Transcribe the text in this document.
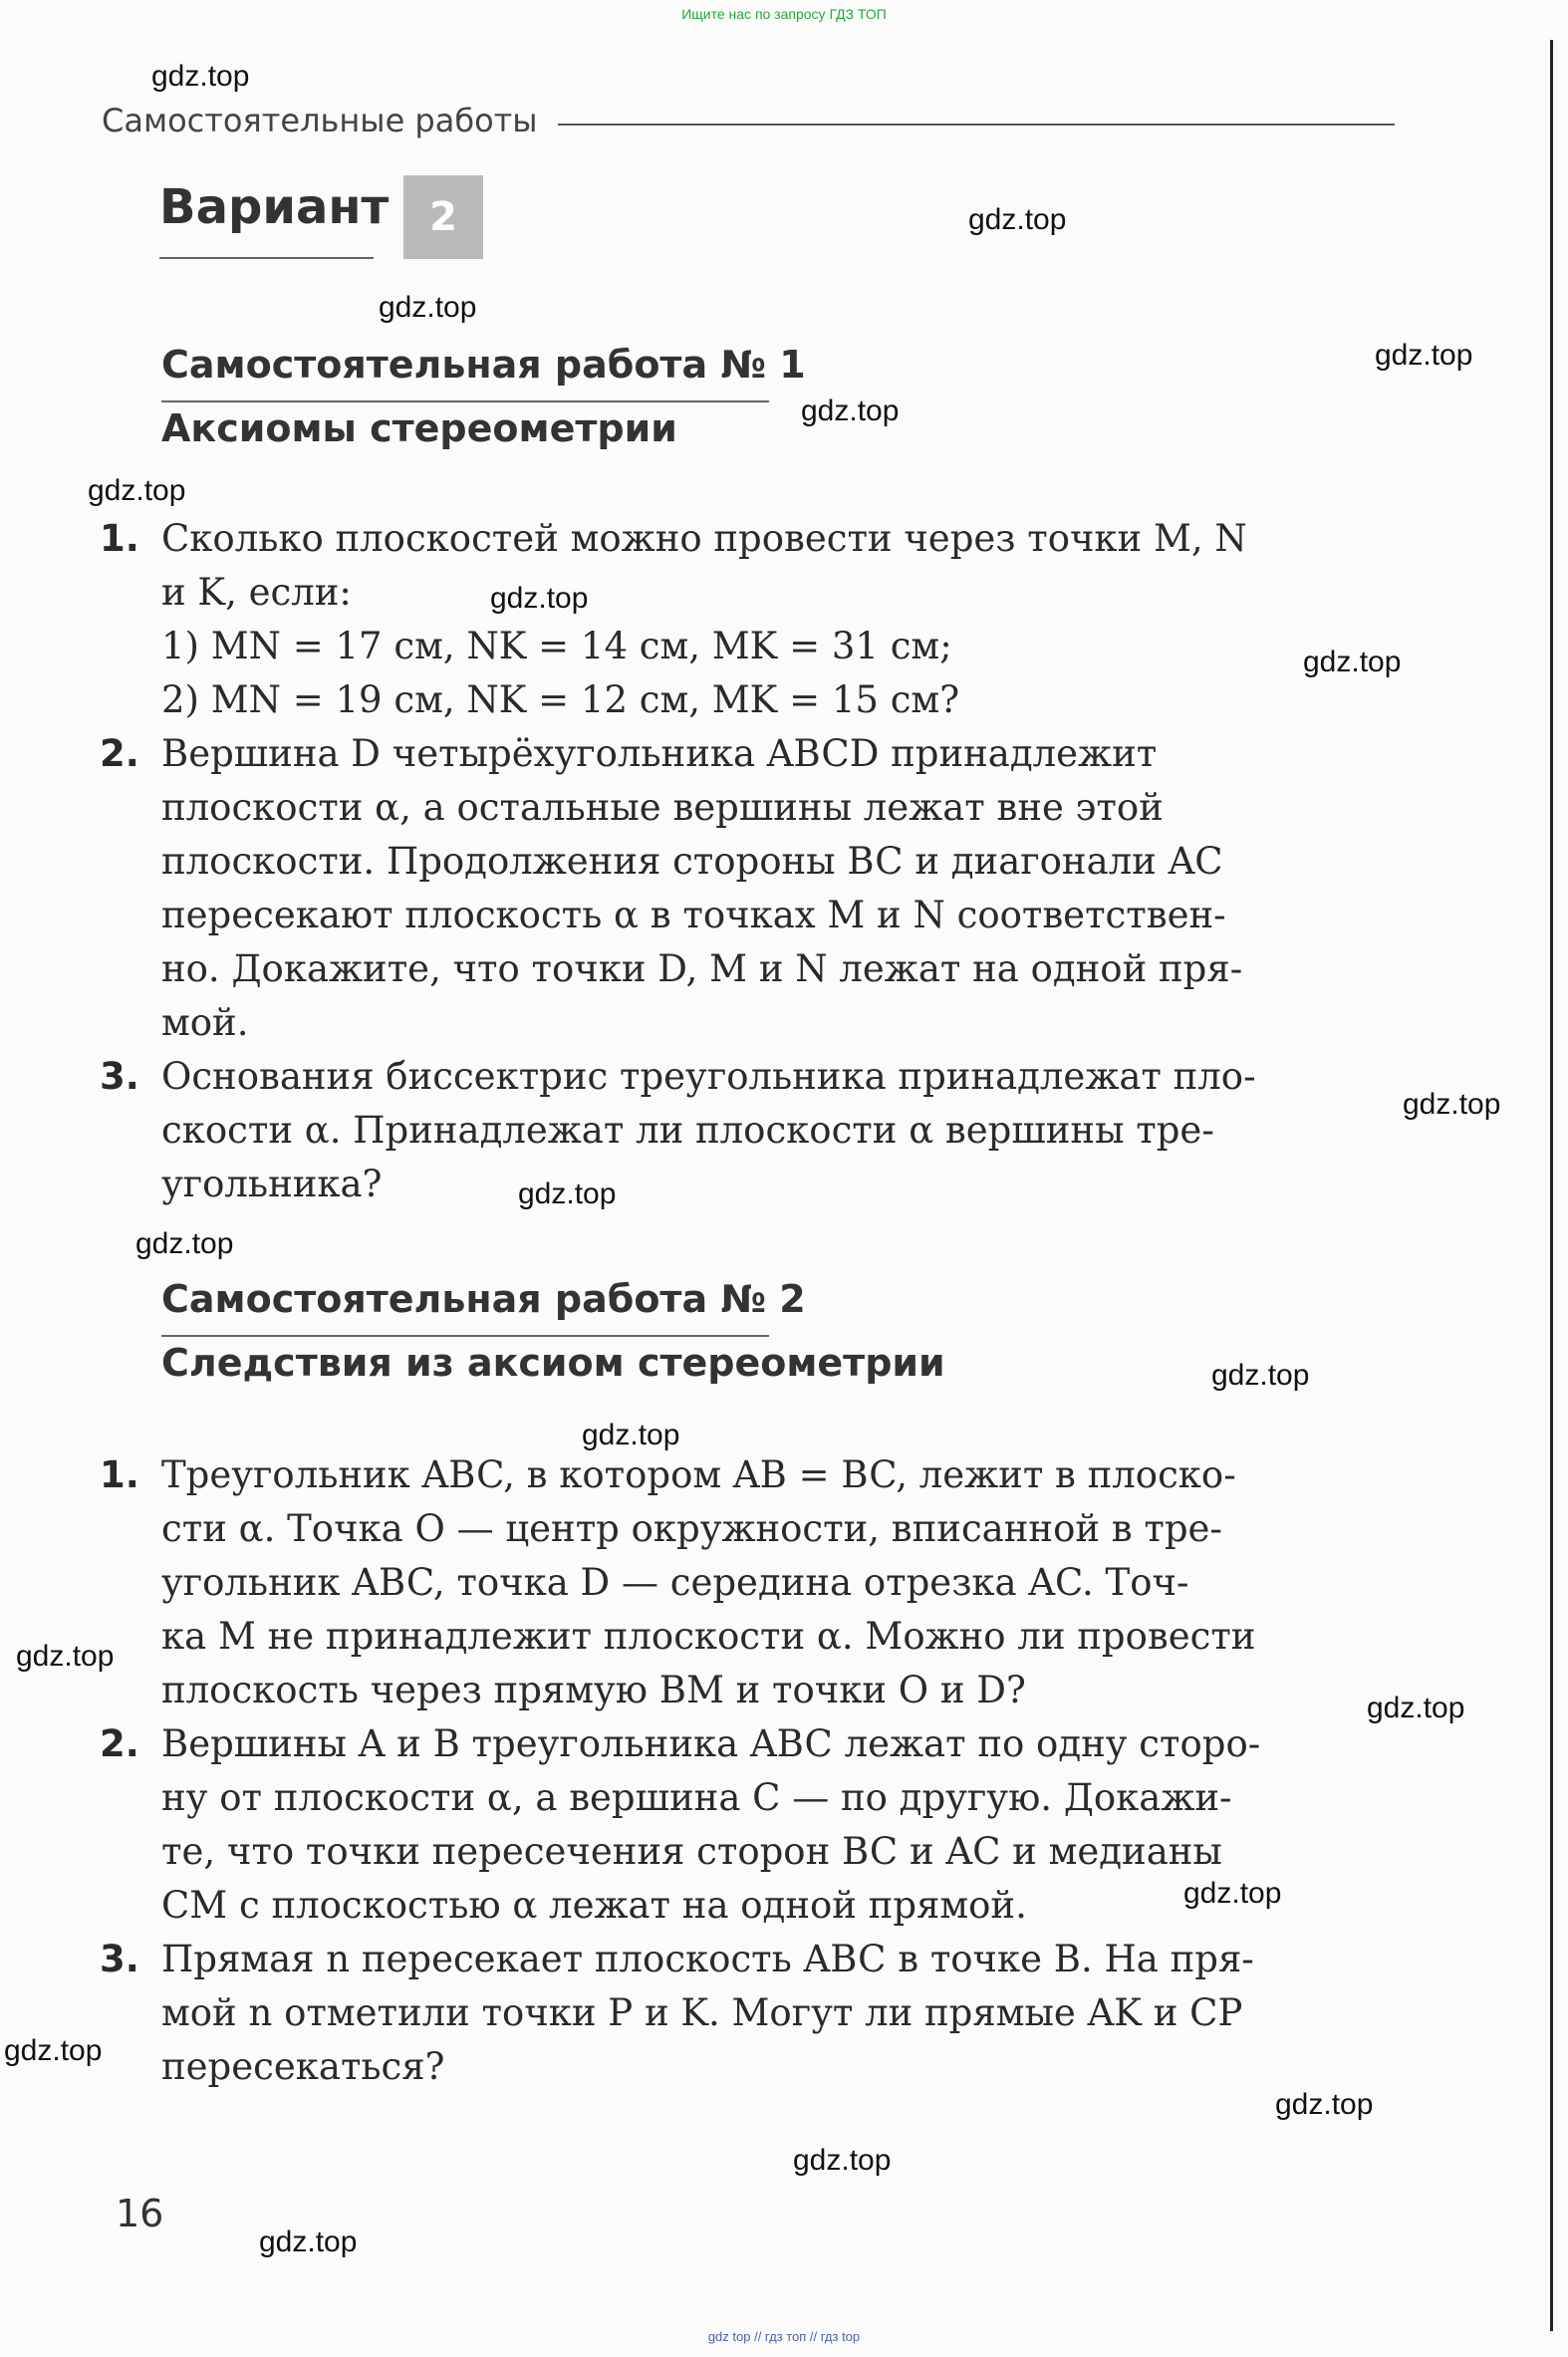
Ищите нас по запросу ГДЗ ТОП
Самостоятельные работы
Вариант	2
Самостоятельная работа № 1
Аксиомы стереометрии
1. Сколько плоскостей можно провести через точки M, N
и K, если:
1) MN = 17 см, NK = 14 см, MK = 31 см;
2) MN = 19 см, NK = 12 см, MK = 15 см?
2. Вершина D четырёхугольника ABCD принадлежит
плоскости α, а остальные вершины лежат вне этой
плоскости. Продолжения стороны BC и диагонали AC
пересекают плоскость α в точках M и N соответствен-
но. Докажите, что точки D, M и N лежат на одной пря-
мой.
3. Основания биссектрис треугольника принадлежат пло-
скости α. Принадлежат ли плоскости α вершины тре-
угольника?
Самостоятельная работа № 2
Следствия из аксиом стереометрии
1. Треугольник ABC, в котором AB = BC, лежит в плоско-
сти α. Точка O — центр окружности, вписанной в тре-
угольник ABC, точка D — середина отрезка AC. Точ-
ка M не принадлежит плоскости α. Можно ли провести
плоскость через прямую BM и точки O и D?
2. Вершины A и B треугольника ABC лежат по одну сторо-
ну от плоскости α, а вершина C — по другую. Докажи-
те, что точки пересечения сторон BC и AC и медианы
CM с плоскостью α лежат на одной прямой.
3. Прямая n пересекает плоскость ABC в точке B. На пря-
мой n отметили точки P и K. Могут ли прямые AK и CP
пересекаться?
16
gdz.top
gdz.top
gdz.top
gdz.top
gdz.top
gdz.top
gdz.top
gdz.top
gdz.top
gdz.top
gdz.top
gdz.top
gdz.top
gdz.top
gdz.top
gdz.top
gdz.top
gdz.top
gdz.top
gdz.top
gdz top // гдз топ // гдз top
